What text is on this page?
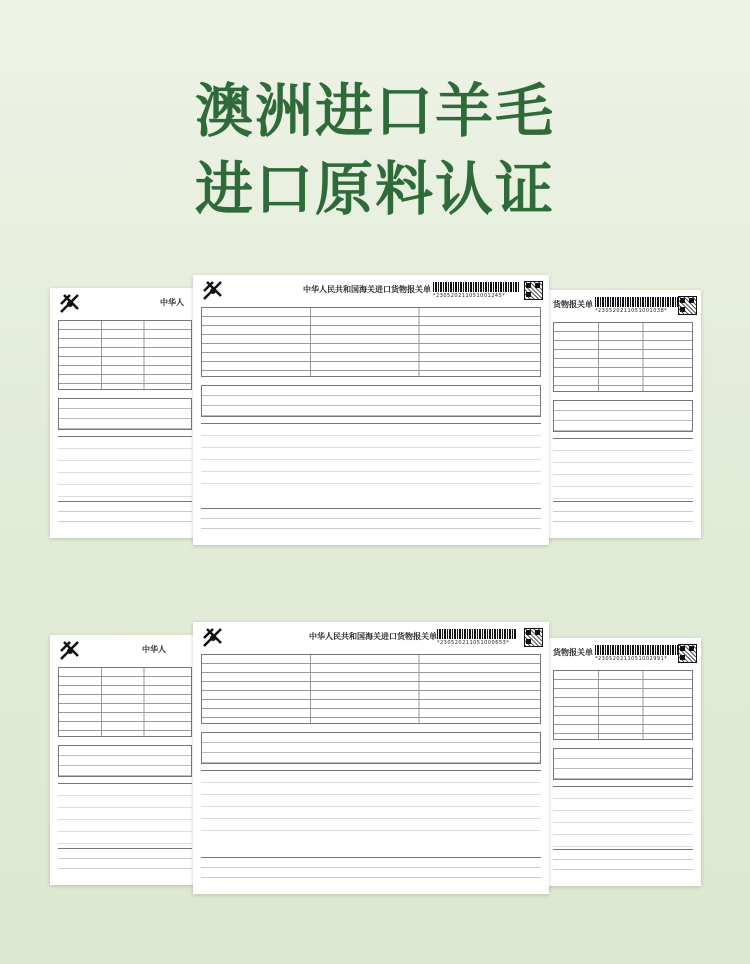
澳洲进口羊毛
进口原料认证
中华人	货物报关单
*230520211051001038*
中华人民共和国海关进口货物报关单
*230520211051001245*
中华人	货物报关单
*230520211051002991*
中华人民共和国海关进口货物报关单
*230520211051000653*
